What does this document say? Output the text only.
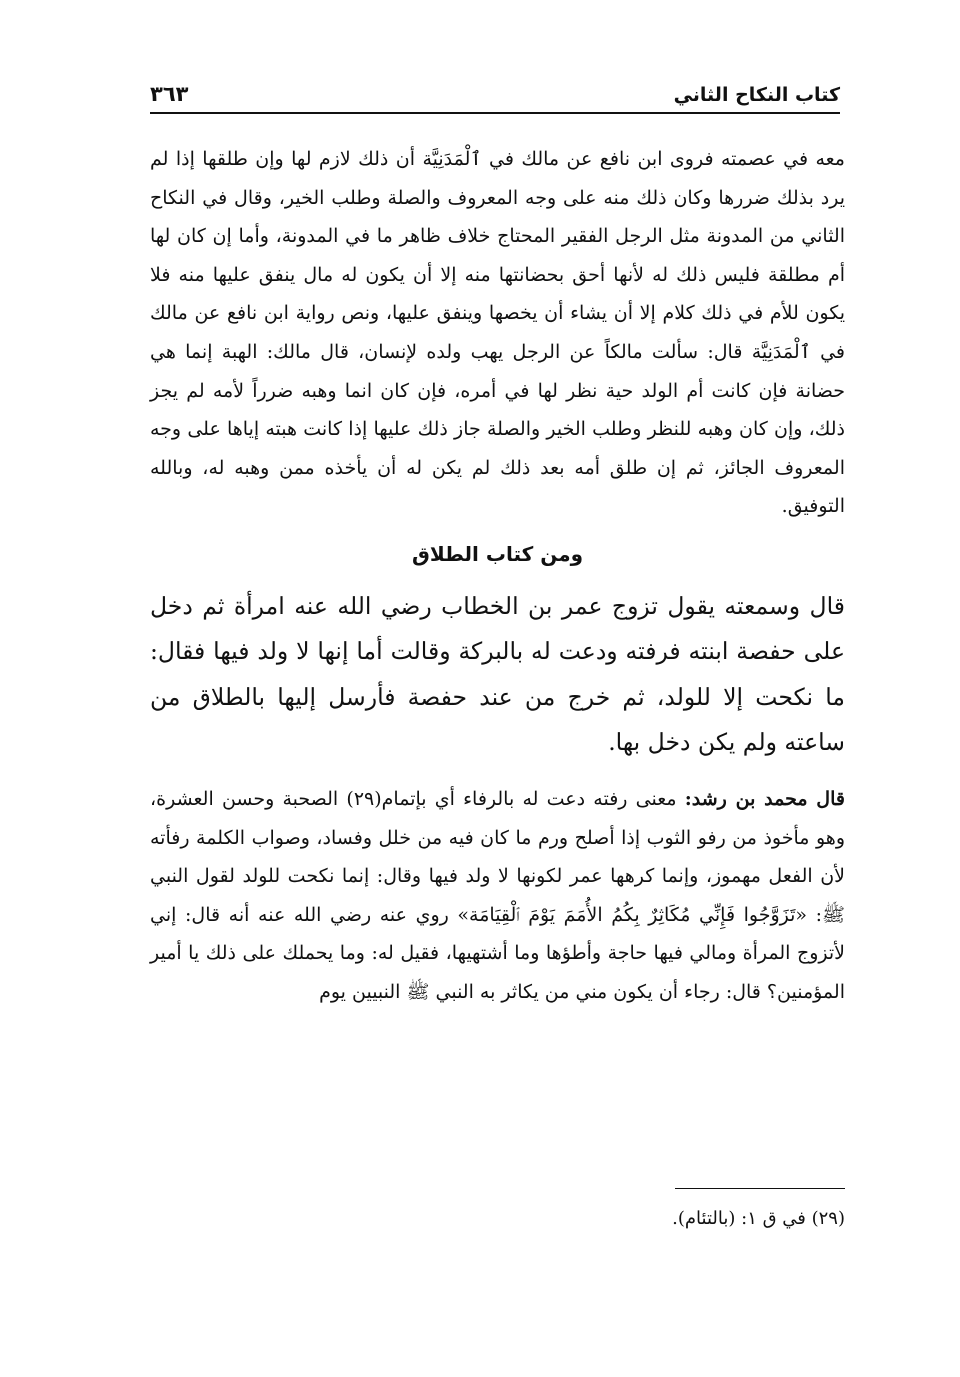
كتاب النكاح الثاني
٣٦٣

معه في عصمته فروى ابن نافع عن مالك في ٱلْمَدَنِيَّة أن ذلك لازم لها وإن طلقها إذا لم يرد بذلك ضررها وكان ذلك منه على وجه المعروف والصلة وطلب الخير، وقال في النكاح الثاني من المدونة مثل الرجل الفقير المحتاج خلاف ظاهر ما في المدونة، وأما إن كان لها أم مطلقة فليس ذلك له لأنها أحق بحضانتها منه إلا أن يكون له مال ينفق عليها منه فلا يكون للأم في ذلك كلام إلا أن يشاء أن يخصها وينفق عليها، ونص رواية ابن نافع عن مالك في ٱلْمَدَنِيَّة قال: سألت مالكاً عن الرجل يهب ولده لإنسان، قال مالك: الهبة إنما هي حضانة فإن كانت أم الولد حية نظر لها في أمره، فإن كان انما وهبه ضرراً لأمه لم يجز ذلك، وإن كان وهبه للنظر وطلب الخير والصلة جاز ذلك عليها إذا كانت هبته إياها على وجه المعروف الجائز، ثم إن طلق أمه بعد ذلك لم يكن له أن يأخذه ممن وهبه له، وبالله التوفيق.

ومن كتاب الطلاق

قال وسمعته يقول تزوج عمر بن الخطاب رضي الله عنه امرأة ثم دخل على حفصة ابنته فرفته ودعت له بالبركة وقالت أما إنها لا ولد فيها فقال: ما نكحت إلا للولد، ثم خرج من عند حفصة فأرسل إليها بالطلاق من ساعته ولم يكن دخل بها.

قال محمد بن رشد: معنى رفته دعت له بالرفاء أي بإتمام(٢٩) الصحبة وحسن العشرة، وهو مأخوذ من رفو الثوب إذا أصلح ورم ما كان فيه من خلل وفساد، وصواب الكلمة رفأته لأن الفعل مهموز، وإنما كرهها عمر لكونها لا ولد فيها وقال: إنما نكحت للولد لقول النبي ﷺ: «تَزَوَّجُوا فَإِنِّي مُكَاثِرٌ بِكُمُ الأُمَمَ يَوْمَ ٱلْقِيَامَة» روي عنه رضي الله عنه أنه قال: إني لأتزوج المرأة ومالي فيها حاجة وأطؤها وما أشتهيها، فقيل له: وما يحملك على ذلك يا أمير المؤمنين؟ قال: رجاء أن يكون مني من يكاثر به النبي ﷺ النبيين يوم

(٢٩) في ق ١: (بالتئام).
